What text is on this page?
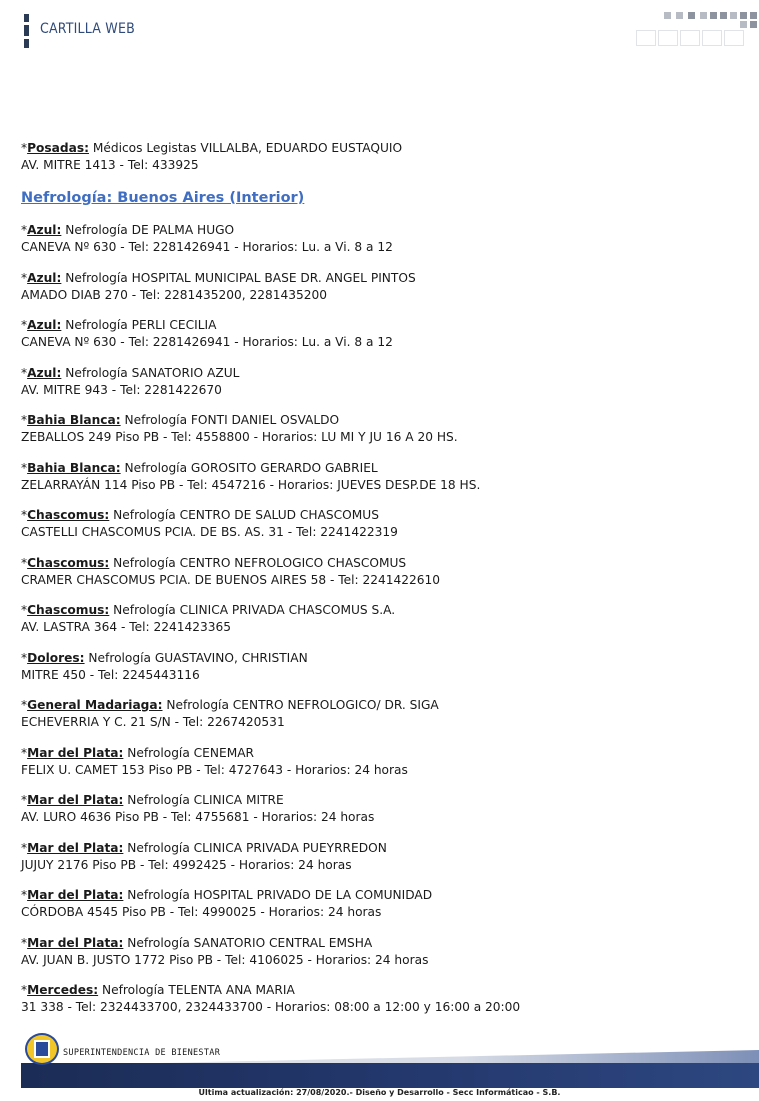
CARTILLA WEB
*Posadas: Médicos Legistas VILLALBA, EDUARDO EUSTAQUIO
AV. MITRE 1413 - Tel: 433925
Nefrología: Buenos Aires (Interior)
*Azul: Nefrología DE PALMA HUGO
CANEVA Nº 630 - Tel: 2281426941 - Horarios: Lu. a Vi. 8 a 12
*Azul: Nefrología HOSPITAL MUNICIPAL BASE DR. ANGEL PINTOS
AMADO DIAB 270 - Tel: 2281435200, 2281435200
*Azul: Nefrología PERLI CECILIA
CANEVA Nº 630 - Tel: 2281426941 - Horarios: Lu. a Vi. 8 a 12
*Azul: Nefrología SANATORIO AZUL
AV. MITRE 943 - Tel: 2281422670
*Bahia Blanca: Nefrología FONTI DANIEL OSVALDO
ZEBALLOS 249 Piso PB - Tel: 4558800 - Horarios: LU MI Y JU 16 A 20 HS.
*Bahia Blanca: Nefrología GOROSITO GERARDO GABRIEL
ZELARRAYÁN 114 Piso PB - Tel: 4547216 - Horarios: JUEVES DESP.DE 18 HS.
*Chascomus: Nefrología CENTRO DE SALUD CHASCOMUS
CASTELLI CHASCOMUS PCIA. DE BS. AS. 31 - Tel: 2241422319
*Chascomus: Nefrología CENTRO NEFROLOGICO CHASCOMUS
CRAMER CHASCOMUS PCIA. DE BUENOS AIRES 58 - Tel: 2241422610
*Chascomus: Nefrología CLINICA PRIVADA CHASCOMUS S.A.
AV. LASTRA 364 - Tel: 2241423365
*Dolores: Nefrología GUASTAVINO, CHRISTIAN
MITRE 450 - Tel: 2245443116
*General Madariaga: Nefrología CENTRO NEFROLOGICO/ DR. SIGA
ECHEVERRIA Y C. 21 S/N - Tel: 2267420531
*Mar del Plata: Nefrología CENEMAR
FELIX U. CAMET 153 Piso PB - Tel: 4727643 - Horarios: 24 horas
*Mar del Plata: Nefrología CLINICA MITRE
AV. LURO 4636 Piso PB - Tel: 4755681 - Horarios: 24 horas
*Mar del Plata: Nefrología CLINICA PRIVADA PUEYRREDON
JUJUY 2176 Piso PB - Tel: 4992425 - Horarios: 24 horas
*Mar del Plata: Nefrología HOSPITAL PRIVADO DE LA COMUNIDAD
CÓRDOBA 4545 Piso PB - Tel: 4990025 - Horarios: 24 horas
*Mar del Plata: Nefrología SANATORIO CENTRAL EMSHA
AV. JUAN B. JUSTO 1772 Piso PB - Tel: 4106025 - Horarios: 24 horas
*Mercedes: Nefrología TELENTA ANA MARIA
31 338 - Tel: 2324433700, 2324433700 - Horarios: 08:00 a 12:00 y 16:00 a 20:00
SUPERINTENDENCIA DE BIENESTAR
Ultima actualización: 27/08/2020.- Diseño y Desarrollo - Secc Informáticao - S.B.
